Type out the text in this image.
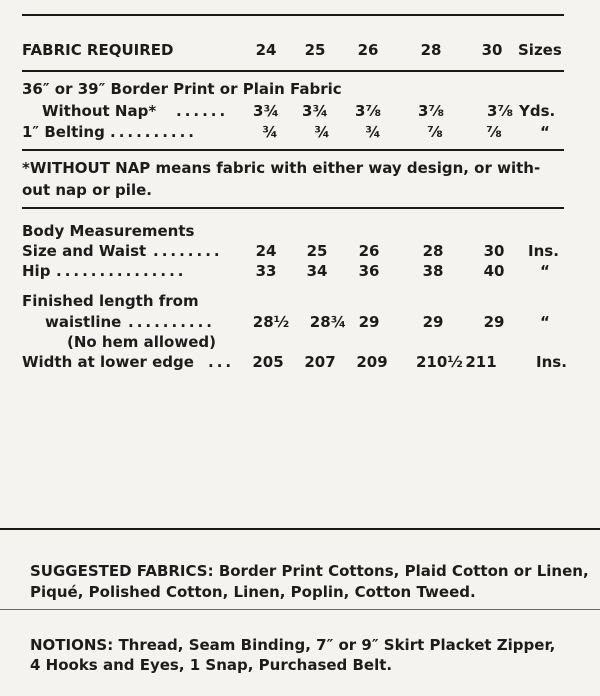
FABRIC REQUIRED	24	25	26	28	30	Sizes
36″ or 39″ Border Print or Plain Fabric
Without Nap* ......	3¾	3¾	3⅞	3⅞	3⅞ Yds.
1″ Belting ..........	¾	¾	¾	⅞	⅞	“
*WITHOUT NAP means fabric with either way design, or with-
out nap or pile.
Body Measurements
Size and Waist ........	24	25	26	28	30	Ins.
Hip ...............	33	34	36	38	40	“
Finished length from
waistline ..........	28½ 28¾ 29	29	29	“
(No hem allowed)
Width at lower edge ... 205 207 209 210½ 211	Ins.
SUGGESTED FABRICS: Border Print Cottons, Plaid Cotton or Linen,
Piqué, Polished Cotton, Linen, Poplin, Cotton Tweed.
NOTIONS: Thread, Seam Binding, 7″ or 9″ Skirt Placket Zipper,
4 Hooks and Eyes, 1 Snap, Purchased Belt.
